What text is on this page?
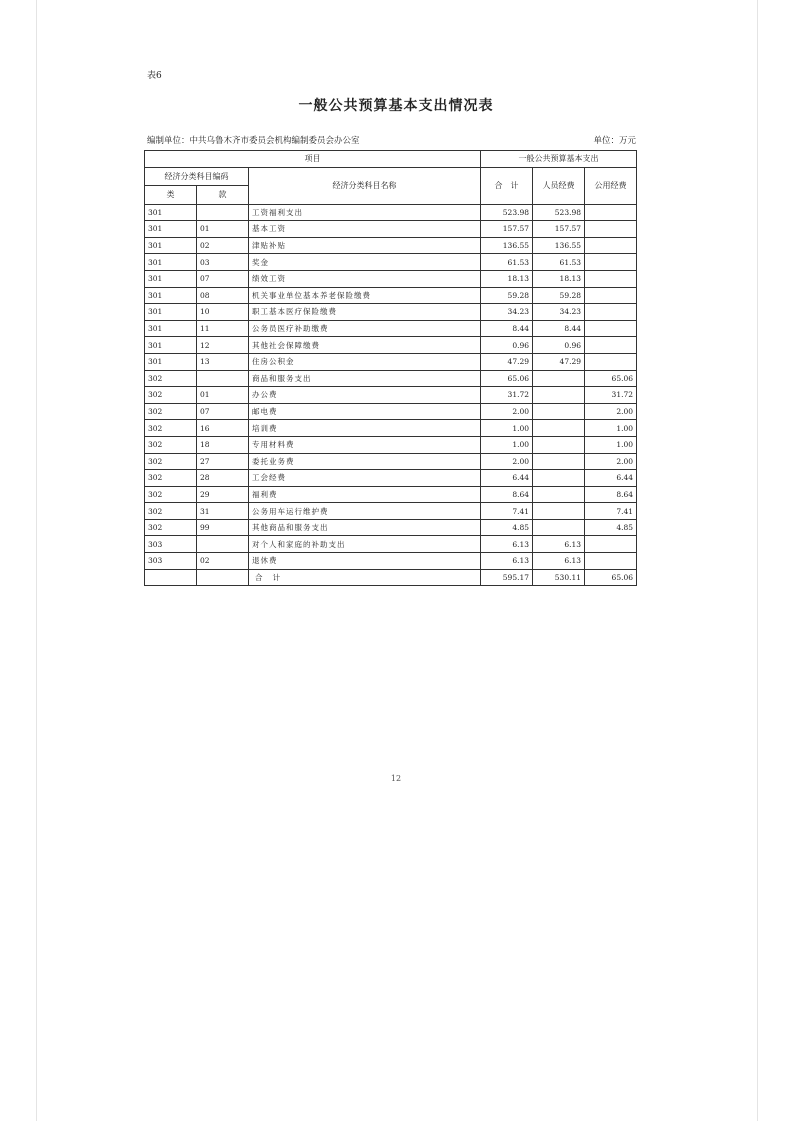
表6
一般公共预算基本支出情况表
编制单位：中共乌鲁木齐市委员会机构编制委员会办公室	单位：万元
项目			一般公共预算基本支出		
经济分类科目编码		经济分类科目名称	合　计	人员经费	公用经费
类	款				
301		工资福利支出	523.98	523.98	
301	01	基本工资	157.57	157.57	
301	02	津贴补贴	136.55	136.55	
301	03	奖金	61.53	61.53	
301	07	绩效工资	18.13	18.13	
301	08	机关事业单位基本养老保险缴费	59.28	59.28	
301	10	职工基本医疗保险缴费	34.23	34.23	
301	11	公务员医疗补助缴费	8.44	8.44	
301	12	其他社会保障缴费	0.96	0.96	
301	13	住房公积金	47.29	47.29	
302		商品和服务支出	65.06		65.06
302	01	办公费	31.72		31.72
302	07	邮电费	2.00		2.00
302	16	培训费	1.00		1.00
302	18	专用材料费	1.00		1.00
302	27	委托业务费	2.00		2.00
302	28	工会经费	6.44		6.44
302	29	福利费	8.64		8.64
302	31	公务用车运行维护费	7.41		7.41
302	99	其他商品和服务支出	4.85		4.85
303		对个人和家庭的补助支出	6.13	6.13	
303	02	退休费	6.13	6.13	
		合计	595.17	530.11	65.06
12
